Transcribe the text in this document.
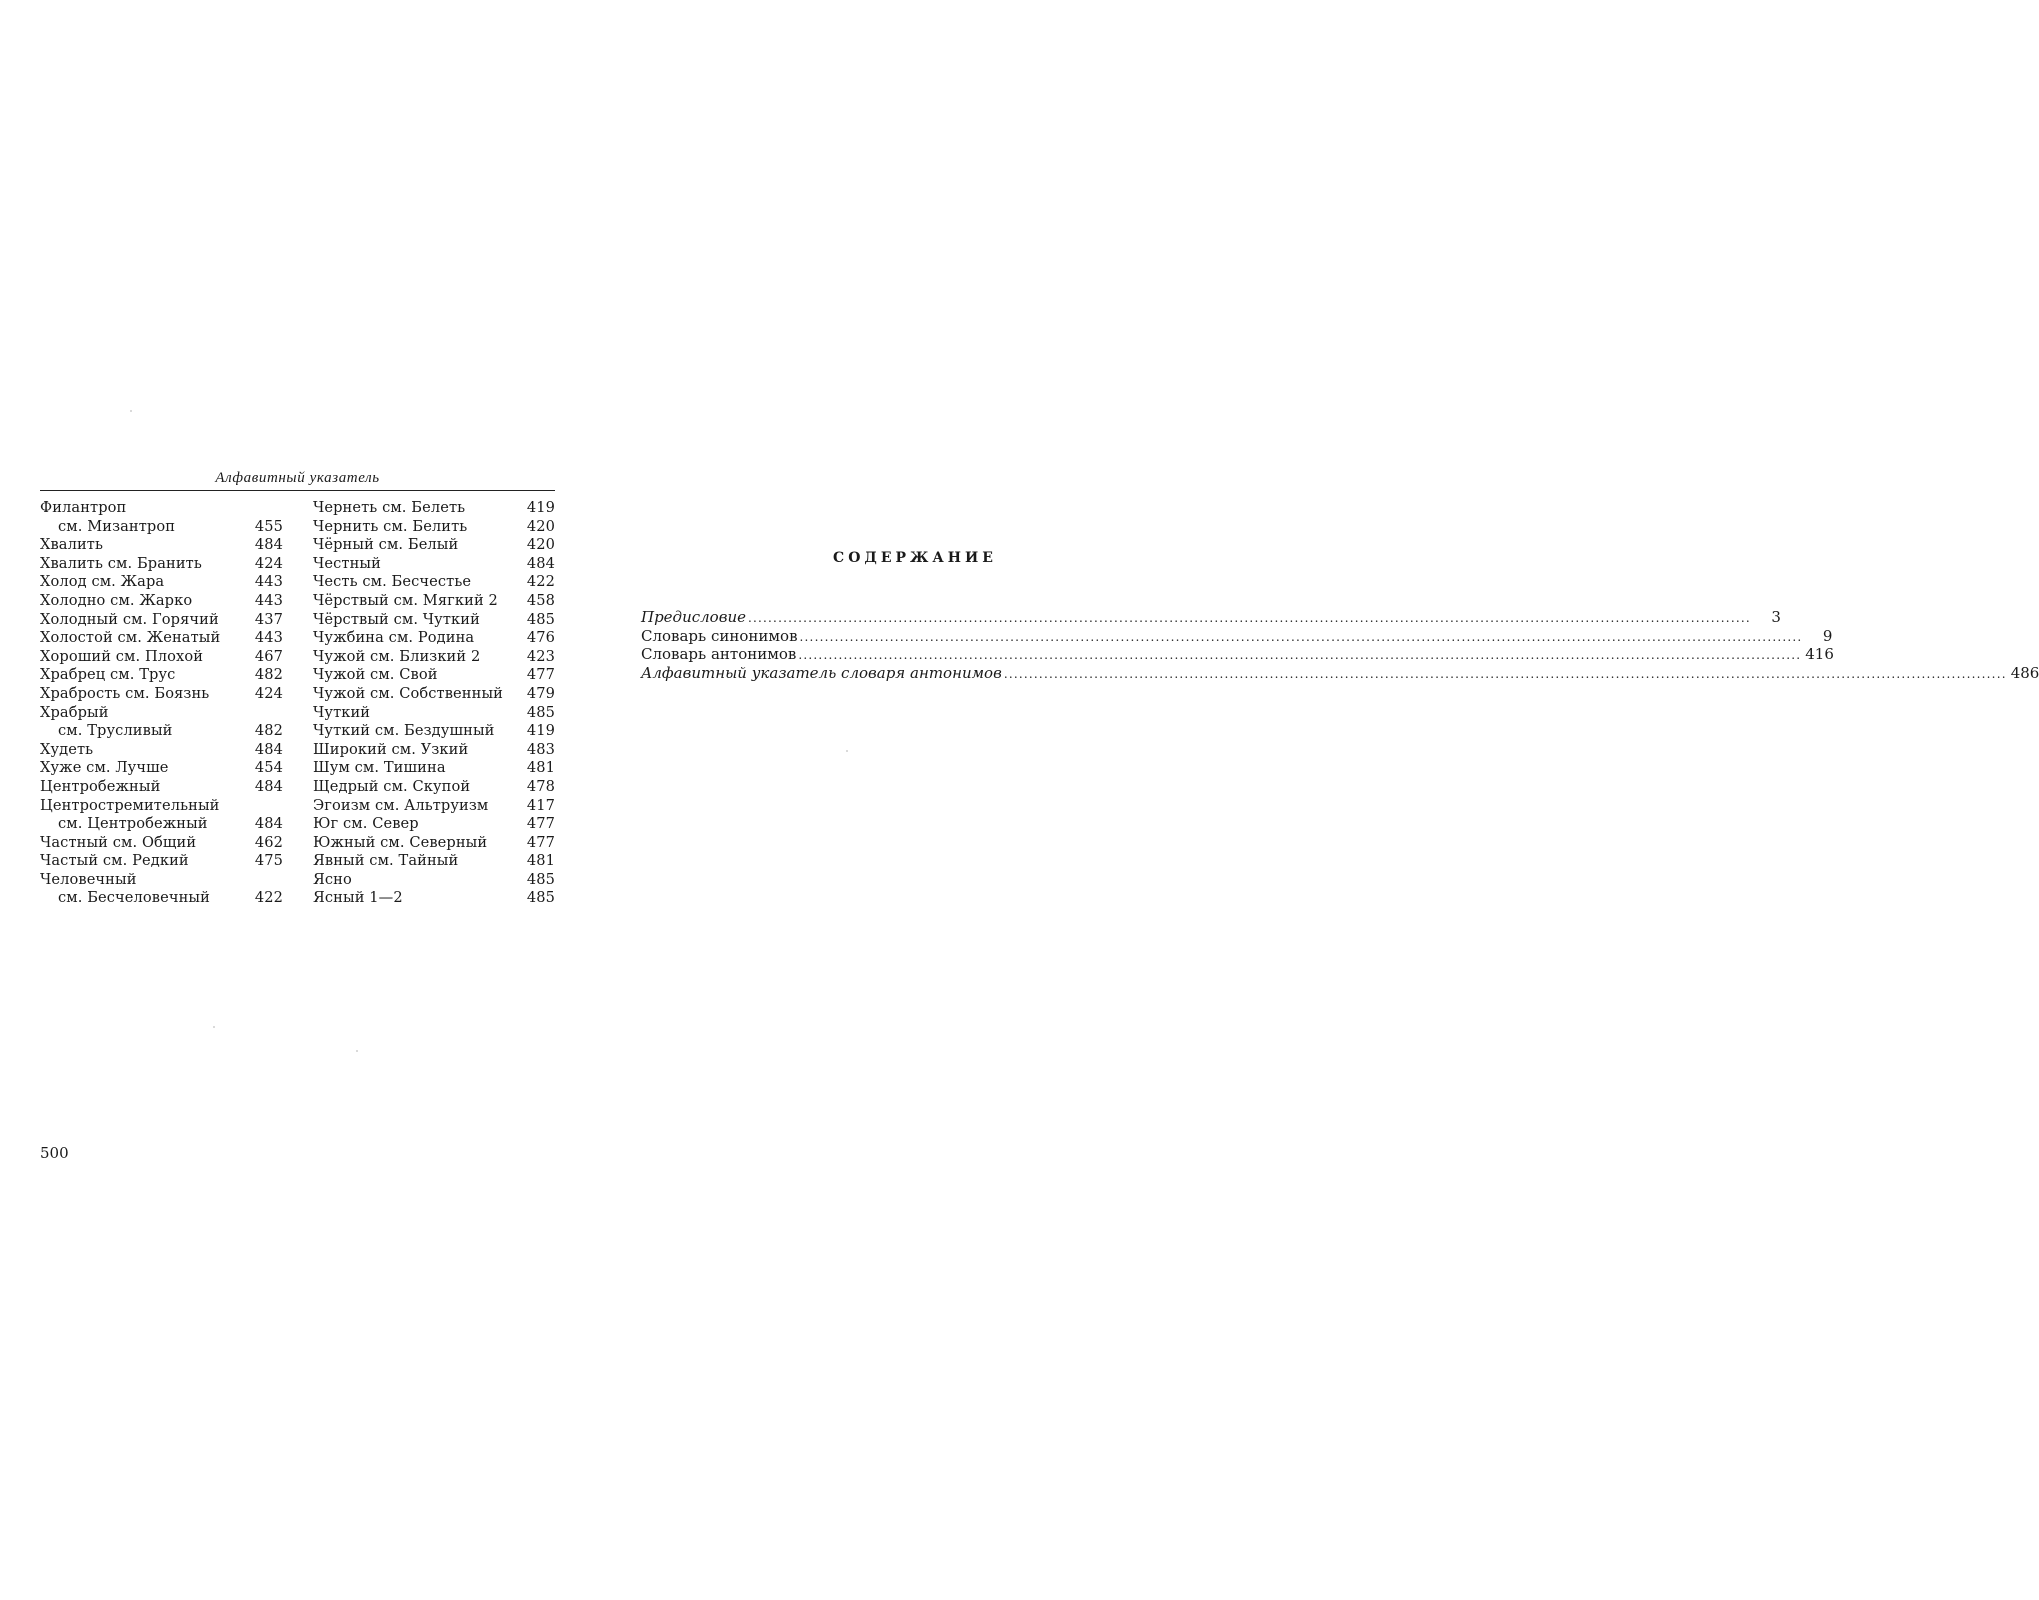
Алфавитный указатель
Филантроп
см. Мизантроп	455
Хвалить	484
Хвалить см. Бранить	424
Холод см. Жара	443
Холодно см. Жарко	443
Холодный см. Горячий 437
Холостой см. Женатый 443
Хороший см. Плохой	467
Храбрец см. Трус	482
Храбрость см. Боязнь	424
Храбрый
см. Трусливый	482
Худеть	484
Хуже см. Лучше	454
Центробежный	484
Центростремительный
см. Центробежный	484
Частный см. Общий	462
Частый см. Редкий	475
Человечный
см. Бесчеловечный	422
Чернеть см. Белеть	419
Чернить см. Белить	420
Чёрный см. Белый	420
Честный	484
Честь см. Бесчестье	422
Чёрствый см. Мягкий 2 458
Чёрствый см. Чуткий	485
Чужбина см. Родина	476
Чужой см. Близкий 2	423
Чужой см. Свой	477
Чужой см. Собственный 479
Чуткий	485
Чуткий см. Бездушный 419
Широкий см. Узкий	483
Шум см. Тишина	481
Щедрый см. Скупой	478
Эгоизм см. Альтруизм	417
Юг см. Север	477
Южный см. Северный	477
Явный см. Тайный	481
Ясно	485
Ясный 1—2	485
500
СОДЕРЖАНИЕ
Предисловие ........................................................................................................................................................................................................	3
Словарь синонимов ........................................................................................................................................................................................................	9
Словарь антонимов ........................................................................................................................................................................................................ 416
Алфавитный указатель словаря антонимов ........................................................................................................................................................................................................ 486
